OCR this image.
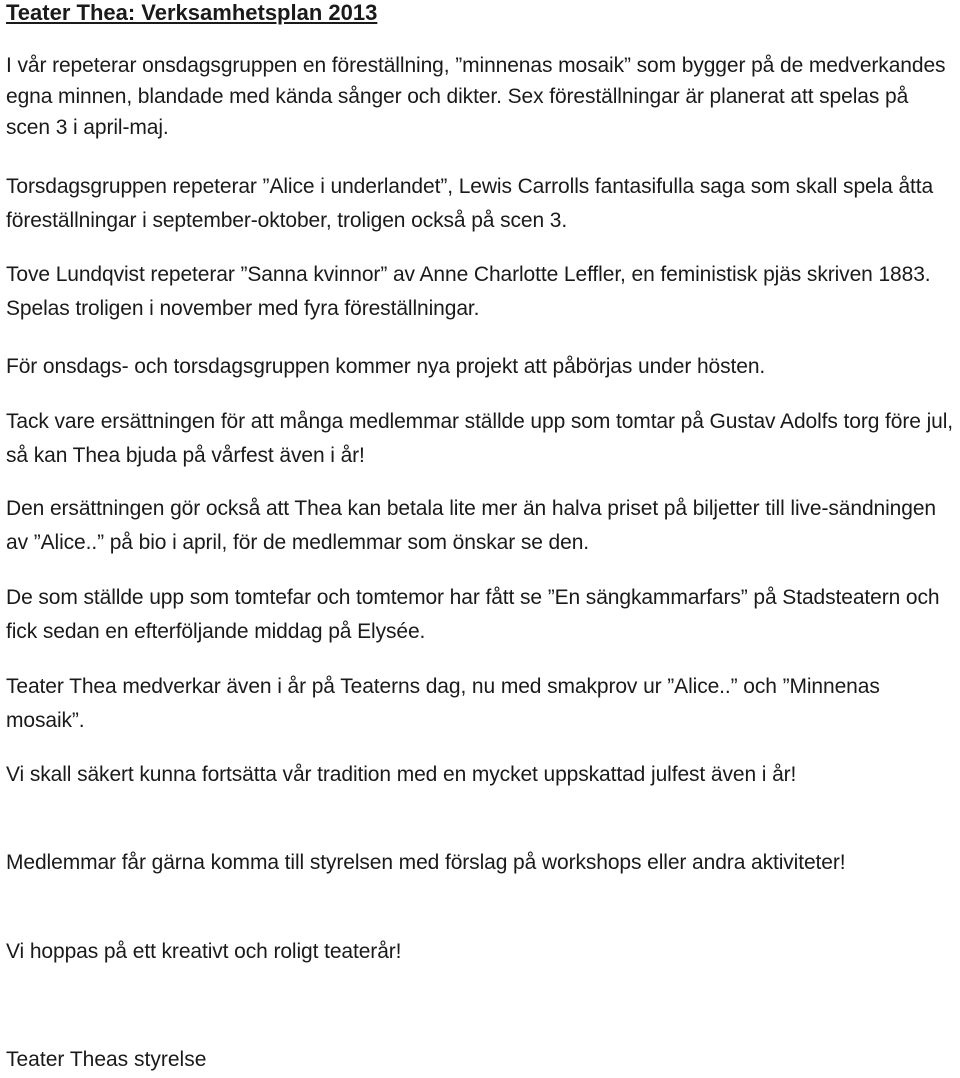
Teater Thea: Verksamhetsplan 2013

I vår repeterar onsdagsgruppen en föreställning, ”minnenas mosaik” som bygger på de medverkandes egna minnen, blandade med kända sånger och dikter. Sex föreställningar är planerat att spelas på scen 3 i april-maj.

Torsdagsgruppen repeterar ”Alice i underlandet”, Lewis Carrolls fantasifulla saga som skall spela åtta föreställningar i september-oktober, troligen också på scen 3.

Tove Lundqvist repeterar ”Sanna kvinnor” av Anne Charlotte Leffler, en feministisk pjäs skriven 1883. Spelas troligen i november med fyra föreställningar.

För onsdags- och torsdagsgruppen kommer nya projekt att påbörjas under hösten.

Tack vare ersättningen för att många medlemmar ställde upp som tomtar på Gustav Adolfs torg före jul, så kan Thea bjuda på vårfest även i år!

Den ersättningen gör också att Thea kan betala lite mer än halva priset på biljetter till live-sändningen av ”Alice..” på bio i april, för de medlemmar som önskar se den.

De som ställde upp som tomtefar och tomtemor har fått se ”En sängkammarfars” på Stadsteatern och fick sedan en efterföljande middag på Elysée.

Teater Thea medverkar även i år på Teaterns dag, nu med smakprov ur ”Alice..” och ”Minnenas mosaik”.

Vi skall säkert kunna fortsätta vår tradition med en mycket uppskattad julfest även i år!

Medlemmar får gärna komma till styrelsen med förslag på workshops eller andra aktiviteter!

Vi hoppas på ett kreativt och roligt teaterår!

Teater Theas styrelse
